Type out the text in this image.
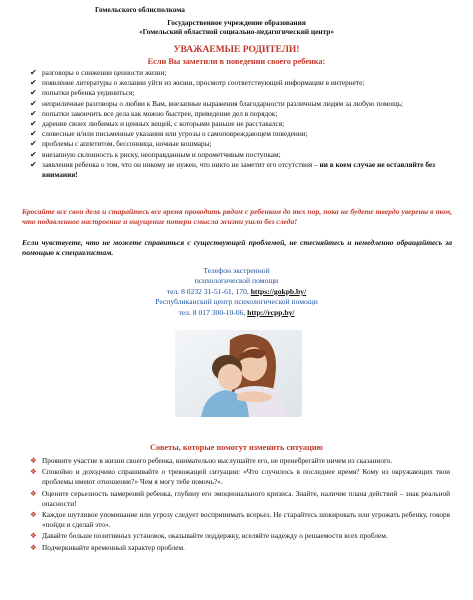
Гомельского облисполкома
Государственное учреждение образования
«Гомельский областной социально-педагогический центр»
УВАЖАЕМЫЕ РОДИТЕЛИ!
Если Вы заметили в поведении своего ребенка:
✔ разговоры о снижении ценности жизни;
✔ появление литературы о желании уйти из жизни, просмотр соответствующей информации в интернете;
✔ попытки ребенка уединиться;
✔ неприличные разговоры о любви к Вам, внезапные выражения благодарности различным людям за любую помощь;
✔ попытки закончить все дела как можно быстрее, приведение дел в порядок;
✔ дарение своих любимых и ценных вещей, с которыми раньше не расставался;
✔ словесные и/или письменные указания или угрозы о самоповреждающем поведении;
✔ проблемы с аппетитом, бессонница, ночные кошмары;
✔ внезапную склонность к риску, неоправданным и опрометчивым поступкам;
✔ заявления ребенка о том, что он никому не нужен, что никто не заметит его отсутствия – ни в коем случае не оставляйте без внимания!
Бросайте все свои дела и старайтесь все время проводить рядом с ребенком до тех пор, пока не будете твердо уверены в том, что подавленное настроение и ощущение потери смысла жизни ушло без следа!
Если чувствуете, что не можете справиться с существующей проблемой, не стесняйтесь и немедленно обращайтесь за помощью к специалистам.
Телефон экстренной
психологической помощи
тел. 8 0232 31-51-61, 170, https://gokpb.by/
Республиканский центр психологической помощи
тел. 8 017 300-10-06, http://rcpp.by/
Советы, которые помогут изменить ситуацию
❖ Проявите участие в жизни своего ребенка, внимательно выслушайте его, не пренебрегайте ничем из сказанного.
❖ Спокойно и доходчиво спрашивайте о тревожащей ситуации: «Что случилось в последнее время? Кому из окружающих твои проблемы имеют отношение?» Чем я могу тебе помочь?».
❖ Оцените серьезность намерений ребенка, глубину его эмоционального кризиса. Знайте, наличие плана действий – знак реальной опасности!
❖ Каждое шутливое упоминание или угрозу следует воспринимать всерьез. Не старайтесь шокировать или угрожать ребенку, говоря «пойди и сделай это».
❖ Давайте больше позитивных установок, оказывайте поддержку, вселяйте надежду о решаемости всех проблем.
❖ Подчеркивайте временный характер проблем.
